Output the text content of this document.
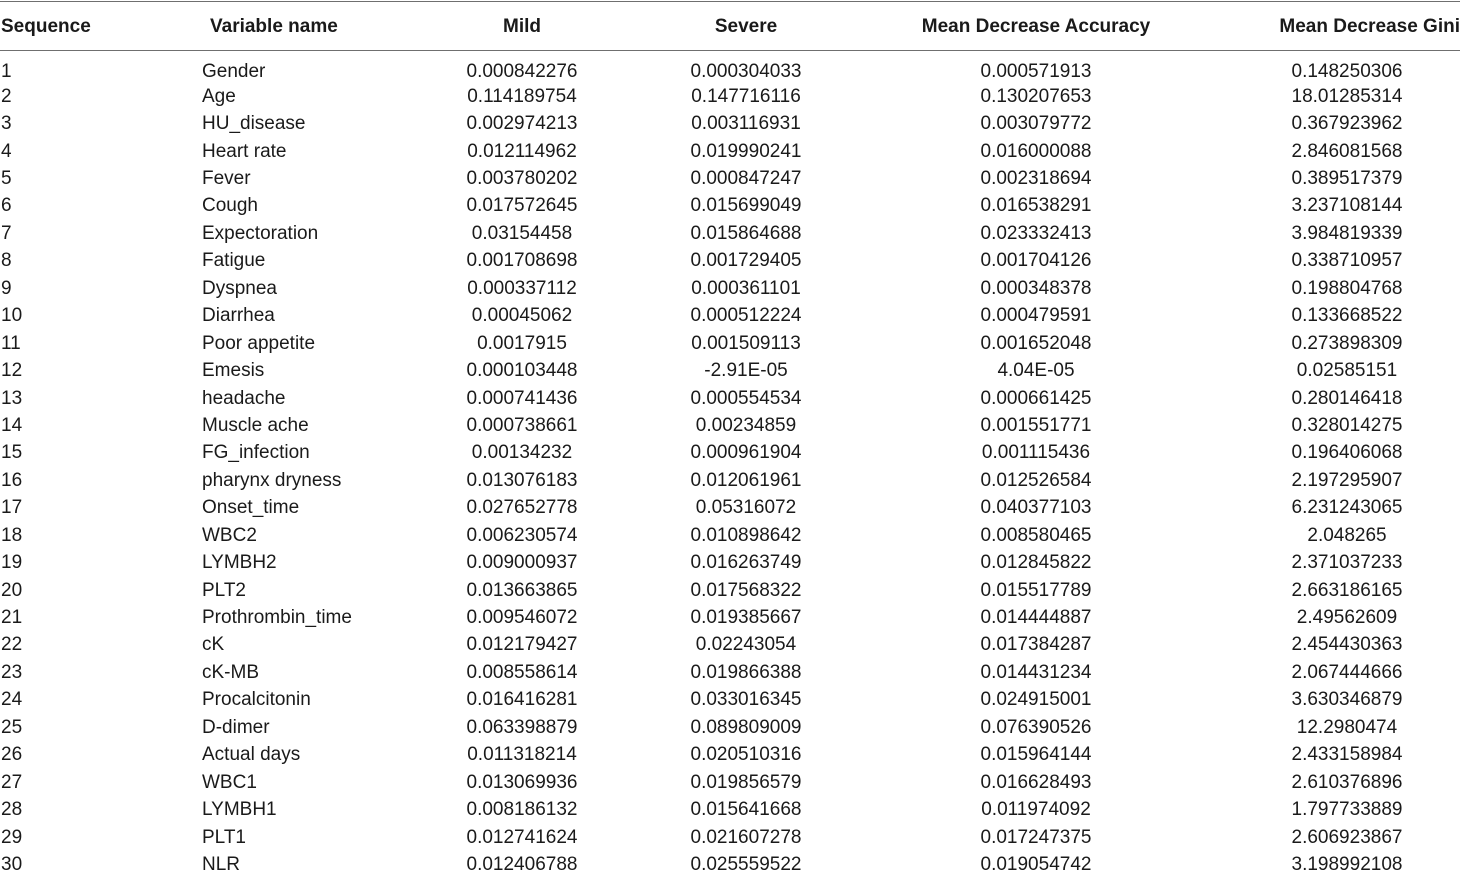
Sequence	Variable name	Mild	Severe	Mean Decrease Accuracy	Mean Decrease Gini
1	Gender	0.000842276	0.000304033	0.000571913	0.148250306
2	Age	0.114189754	0.147716116	0.130207653	18.01285314
3	HU_disease	0.002974213	0.003116931	0.003079772	0.367923962
4	Heart rate	0.012114962	0.019990241	0.016000088	2.846081568
5	Fever	0.003780202	0.000847247	0.002318694	0.389517379
6	Cough	0.017572645	0.015699049	0.016538291	3.237108144
7	Expectoration	0.03154458	0.015864688	0.023332413	3.984819339
8	Fatigue	0.001708698	0.001729405	0.001704126	0.338710957
9	Dyspnea	0.000337112	0.000361101	0.000348378	0.198804768
10	Diarrhea	0.00045062	0.000512224	0.000479591	0.133668522
11	Poor appetite	0.0017915	0.001509113	0.001652048	0.273898309
12	Emesis	0.000103448	-2.91E-05	4.04E-05	0.02585151
13	headache	0.000741436	0.000554534	0.000661425	0.280146418
14	Muscle ache	0.000738661	0.00234859	0.001551771	0.328014275
15	FG_infection	0.00134232	0.000961904	0.001115436	0.196406068
16	pharynx dryness	0.013076183	0.012061961	0.012526584	2.197295907
17	Onset_time	0.027652778	0.05316072	0.040377103	6.231243065
18	WBC2	0.006230574	0.010898642	0.008580465	2.048265
19	LYMBH2	0.009000937	0.016263749	0.012845822	2.371037233
20	PLT2	0.013663865	0.017568322	0.015517789	2.663186165
21	Prothrombin_time	0.009546072	0.019385667	0.014444887	2.49562609
22	cK	0.012179427	0.02243054	0.017384287	2.454430363
23	cK-MB	0.008558614	0.019866388	0.014431234	2.067444666
24	Procalcitonin	0.016416281	0.033016345	0.024915001	3.630346879
25	D-dimer	0.063398879	0.089809009	0.076390526	12.2980474
26	Actual days	0.011318214	0.020510316	0.015964144	2.433158984
27	WBC1	0.013069936	0.019856579	0.016628493	2.610376896
28	LYMBH1	0.008186132	0.015641668	0.011974092	1.797733889
29	PLT1	0.012741624	0.021607278	0.017247375	2.606923867
30	NLR	0.012406788	0.025559522	0.019054742	3.198992108
